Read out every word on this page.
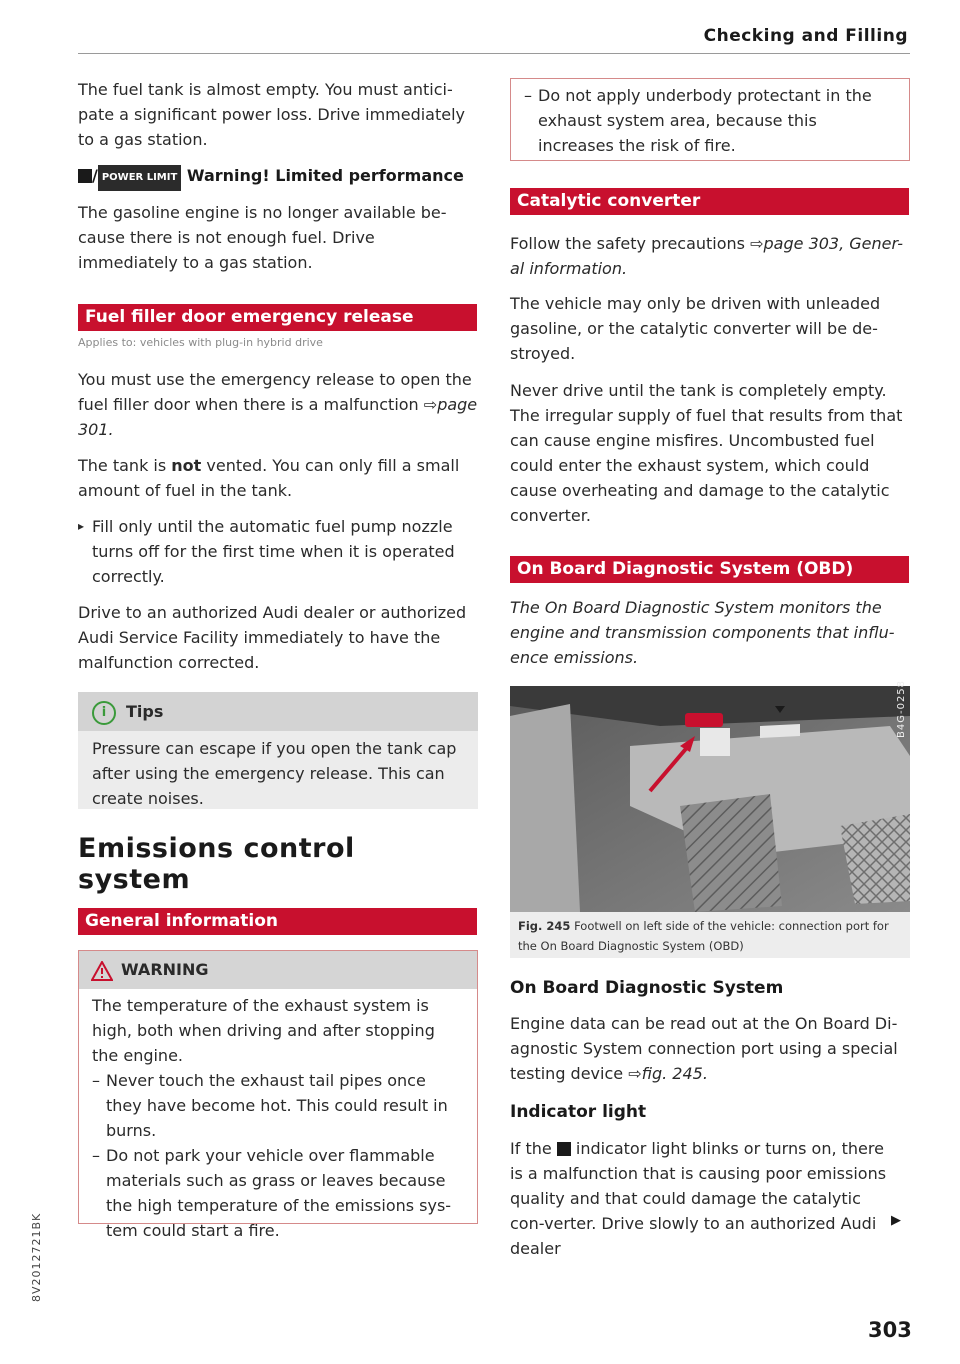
Checking and Filling

The fuel tank is almost empty. You must antici-pate a significant power loss. Drive immediately to a gas station.

/ POWER LIMIT Warning! Limited performance

The gasoline engine is no longer available be-cause there is not enough fuel. Drive immediately to a gas station.

Fuel filler door emergency release
Applies to: vehicles with plug-in hybrid drive

You must use the emergency release to open the fuel filler door when there is a malfunction ⇨page 301.

The tank is not vented. You can only fill a small amount of fuel in the tank.

▸ Fill only until the automatic fuel pump nozzle turns off for the first time when it is operated correctly.

Drive to an authorized Audi dealer or authorized Audi Service Facility immediately to have the malfunction corrected.

i Tips

Pressure can escape if you open the tank cap after using the emergency release. This can create noises.

Emissions control
system
General information
WARNING

The temperature of the exhaust system is high, both when driving and after stopping the engine.

– Never touch the exhaust tail pipes once they have become hot. This could result in burns.

– Do not park your vehicle over flammable materials such as grass or leaves because the high temperature of the emissions sys-tem could start a fire.

– Do not apply underbody protectant in the exhaust system area, because this increases the risk of fire.

Catalytic converter

Follow the safety precautions ⇨page 303, Gener-al information.

The vehicle may only be driven with unleaded gasoline, or the catalytic converter will be de-stroyed.

Never drive until the tank is completely empty. The irregular supply of fuel that results from that can cause engine misfires. Uncombusted fuel could enter the exhaust system, which could cause overheating and damage to the catalytic converter.

On Board Diagnostic System (OBD)

The On Board Diagnostic System monitors the engine and transmission components that influ-ence emissions.

B4G-0258
Fig. 245 Footwell on left side of the vehicle: connection port for the On Board Diagnostic System (OBD)
On Board Diagnostic System

Engine data can be read out at the On Board Di-agnostic System connection port using a special testing device ⇨fig. 245.

Indicator light

If the  indicator light blinks or turns on, there is a malfunction that is causing poor emissions quality and that could damage the catalytic con-verter. Drive slowly to an authorized Audi dealer

▶
303
8V2012721BK
